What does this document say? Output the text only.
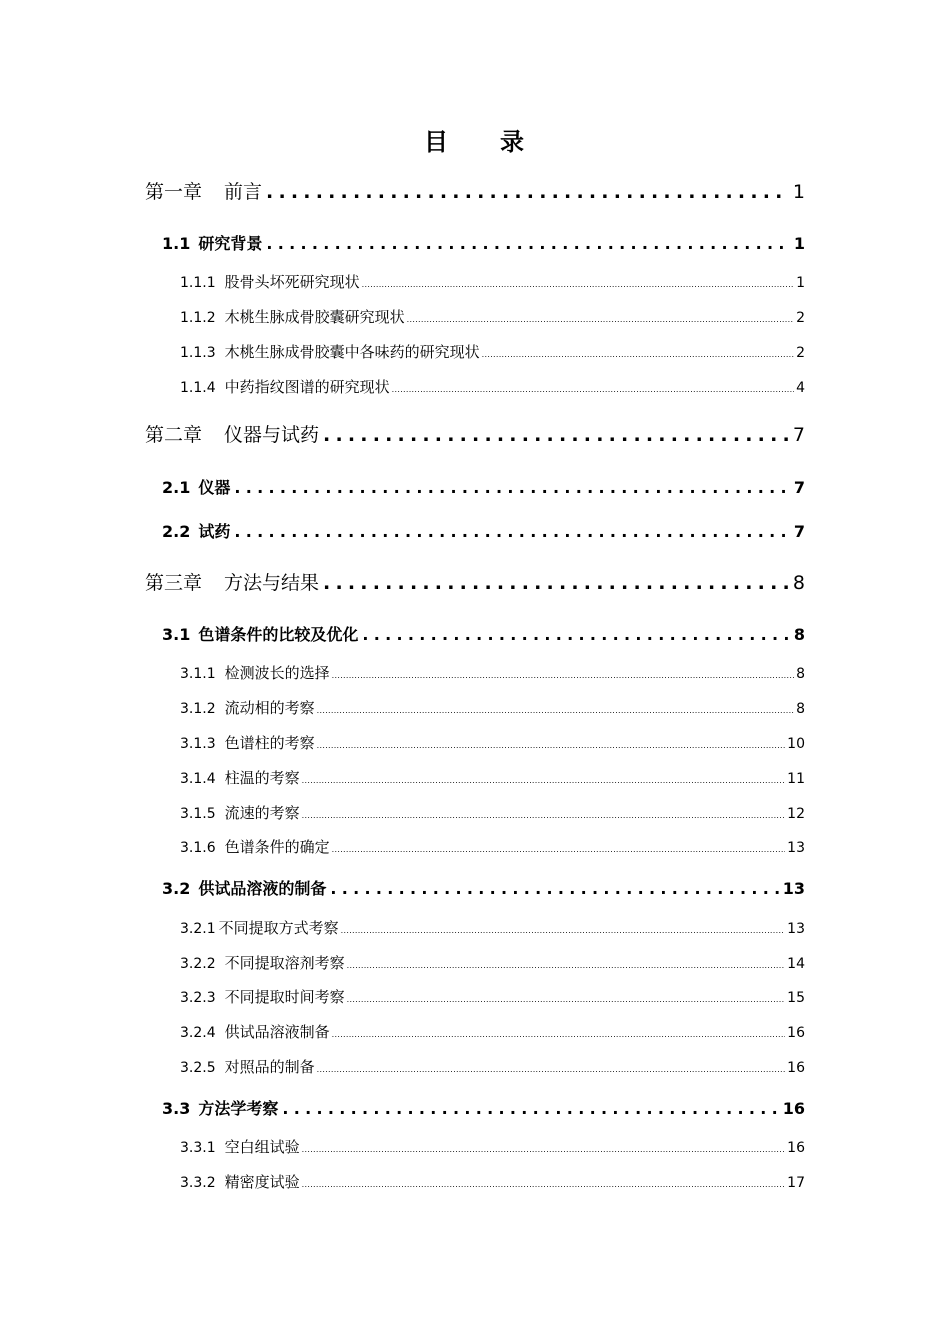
目 录
第一章 前言 .....	1
1.1 研究背景 .....	1
1.1.1 股骨头坏死研究现状 .....	1
1.1.2 木桃生脉成骨胶囊研究现状 .....	2
1.1.3 木桃生脉成骨胶囊中各味药的研究现状 .....	2
1.1.4 中药指纹图谱的研究现状 .....	4
第二章 仪器与试药 .....	7
2.1 仪器 .....	7
2.2 试药 .....	7
第三章 方法与结果 .....	8
3.1 色谱条件的比较及优化 .....	8
3.1.1 检测波长的选择 .....	8
3.1.2 流动相的考察 .....	8
3.1.3 色谱柱的考察 .....	10
3.1.4 柱温的考察 .....	11
3.1.5 流速的考察 .....	12
3.1.6 色谱条件的确定 .....	13
3.2 供试品溶液的制备 .....	13
3.2.1 不同提取方式考察 .....	13
3.2.2 不同提取溶剂考察 .....	14
3.2.3 不同提取时间考察 .....	15
3.2.4 供试品溶液制备 .....	16
3.2.5 对照品的制备 .....	16
3.3 方法学考察 .....	16
3.3.1 空白组试验 .....	16
3.3.2 精密度试验 .....	17
